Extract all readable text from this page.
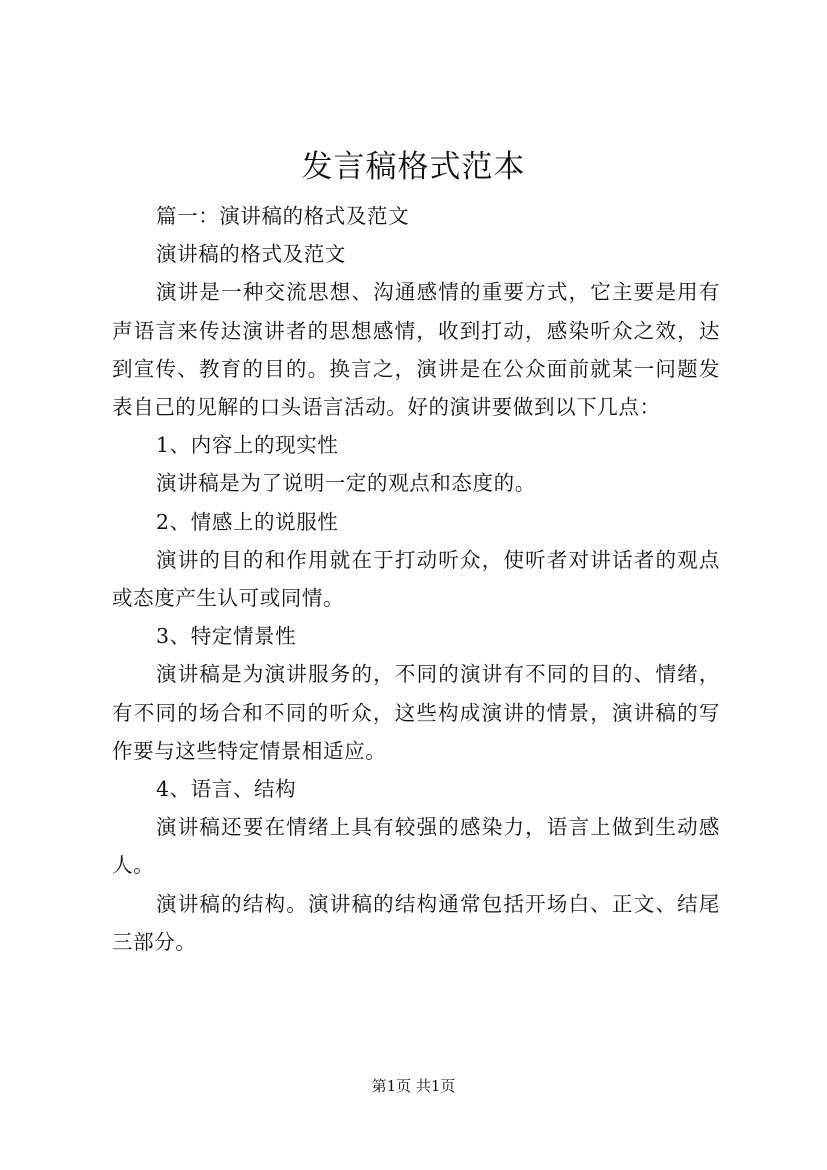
发言稿格式范本

篇一：演讲稿的格式及范文

演讲稿的格式及范文

演讲是一种交流思想、沟通感情的重要方式，它主要是用有声语言来传达演讲者的思想感情，收到打动，感染听众之效，达到宣传、教育的目的。换言之，演讲是在公众面前就某一问题发表自己的见解的口头语言活动。好的演讲要做到以下几点：

1、内容上的现实性

演讲稿是为了说明一定的观点和态度的。

2、情感上的说服性

演讲的目的和作用就在于打动听众，使听者对讲话者的观点或态度产生认可或同情。

3、特定情景性

演讲稿是为演讲服务的，不同的演讲有不同的目的、情绪，有不同的场合和不同的听众，这些构成演讲的情景，演讲稿的写作要与这些特定情景相适应。

4、语言、结构

演讲稿还要在情绪上具有较强的感染力，语言上做到生动感人。

演讲稿的结构。演讲稿的结构通常包括开场白、正文、结尾三部分。

第1页 共1页
